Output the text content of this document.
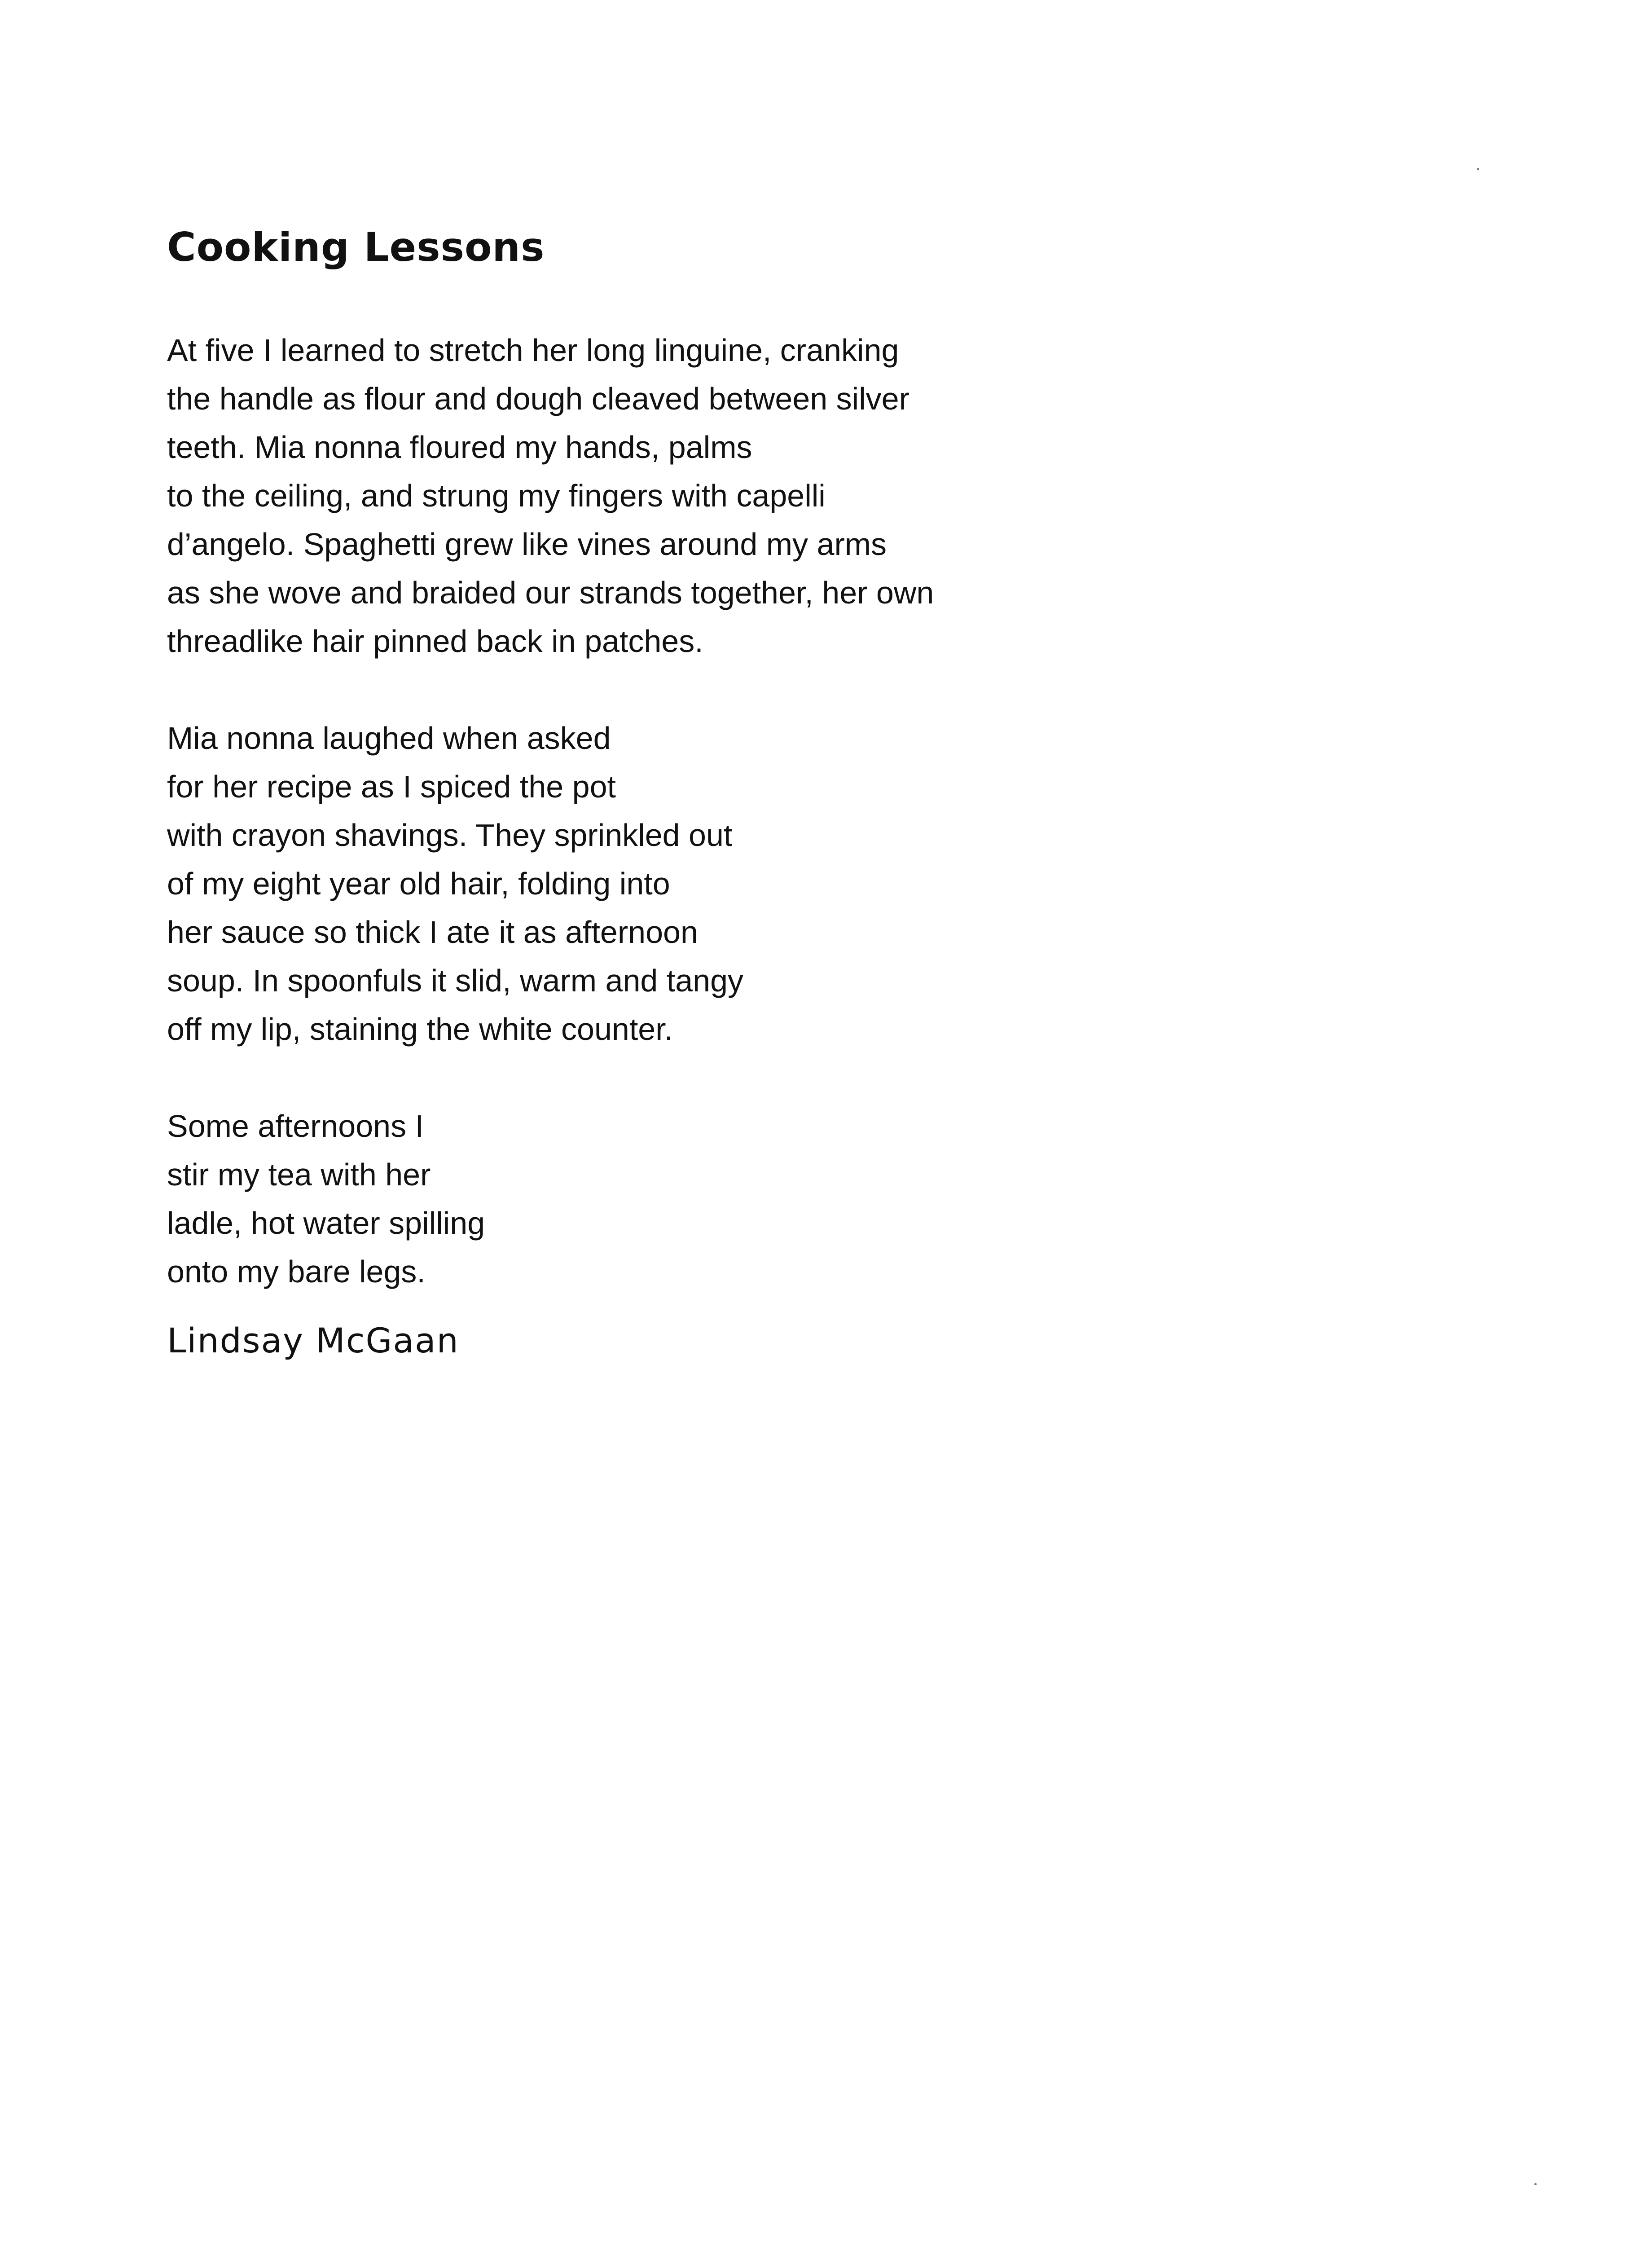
Cooking Lessons

At five I learned to stretch her long linguine, cranking
the handle as flour and dough cleaved between silver
teeth. Mia nonna floured my hands, palms
to the ceiling, and strung my fingers with capelli
d’angelo. Spaghetti grew like vines around my arms
as she wove and braided our strands together, her own
threadlike hair pinned back in patches.

Mia nonna laughed when asked
for her recipe as I spiced the pot
with crayon shavings. They sprinkled out
of my eight year old hair, folding into
her sauce so thick I ate it as afternoon
soup. In spoonfuls it slid, warm and tangy
off my lip, staining the white counter.

Some afternoons I
stir my tea with her
ladle, hot water spilling
onto my bare legs.

Lindsay McGaan
